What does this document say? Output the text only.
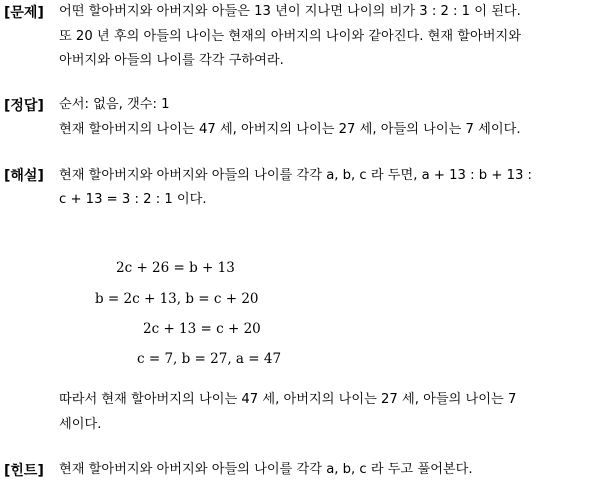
[문제] 어떤 할아버지와 아버지와 아들은 13 년이 지나면 나이의 비가 3 : 2 : 1 이 된다.
또 20 년 후의 아들의 나이는 현재의 아버지의 나이와 같아진다. 현재 할아버지와
아버지와 아들의 나이를 각각 구하여라.
[정답] 순서: 없음, 갯수: 1
현재 할아버지의 나이는 47 세, 아버지의 나이는 27 세, 아들의 나이는 7 세이다.
[해설] 현재 할아버지와 아버지와 아들의 나이를 각각 a, b, c 라 두면, a + 13 : b + 13 :
c + 13 = 3 : 2 : 1 이다.
2c + 26 = b + 13
b = 2c + 13, b = c + 20
2c + 13 = c + 20
c = 7, b = 27, a = 47
따라서 현재 할아버지의 나이는 47 세, 아버지의 나이는 27 세, 아들의 나이는 7
세이다.
[힌트] 현재 할아버지와 아버지와 아들의 나이를 각각 a, b, c 라 두고 풀어본다.
